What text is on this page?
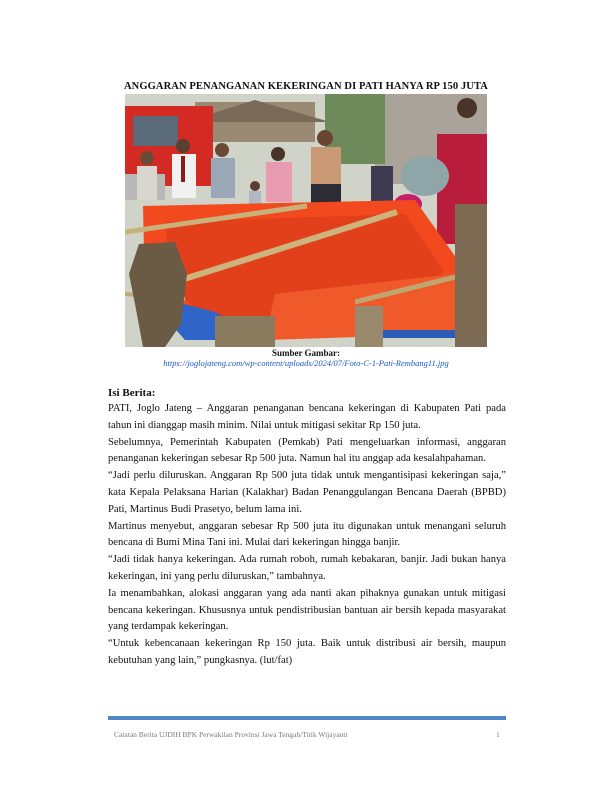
ANGGARAN PENANGANAN KEKERINGAN DI PATI HANYA RP 150 JUTA
Sumber Gambar:
https://joglojateng.com/wp-content/uploads/2024/07/Foto-C-1-Pati-Rembang11.jpg
Isi Berita:

PATI, Joglo Jateng – Anggaran penanganan bencana kekeringan di Kabupaten Pati pada tahun ini dianggap masih minim. Nilai untuk mitigasi sekitar Rp 150 juta.

Sebelumnya, Pemerintah Kabupaten (Pemkab) Pati mengeluarkan informasi, anggaran penanganan kekeringan sebesar Rp 500 juta. Namun hal itu anggap ada kesalahpahaman.

“Jadi perlu diluruskan. Anggaran Rp 500 juta tidak untuk mengantisipasi kekeringan saja,” kata Kepala Pelaksana Harian (Kalakhar) Badan Penanggulangan Bencana Daerah (BPBD) Pati, Martinus Budi Prasetyo, belum lama ini.

Martinus menyebut, anggaran sebesar Rp 500 juta itu digunakan untuk menangani seluruh bencana di Bumi Mina Tani ini. Mulai dari kekeringan hingga banjir.

“Jadi tidak hanya kekeringan. Ada rumah roboh, rumah kebakaran, banjir. Jadi bukan hanya kekeringan, ini yang perlu diluruskan,” tambahnya.

Ia menambahkan, alokasi anggaran yang ada nanti akan pihaknya gunakan untuk mitigasi bencana kekeringan. Khususnya untuk pendistribusian bantuan air bersih kepada masyarakat yang terdampak kekeringan.

“Untuk kebencanaan kekeringan Rp 150 juta. Baik untuk distribusi air bersih, maupun kebutuhan yang lain,” pungkasnya. (lut/fat)

Catatan Berita UJDIH BPK Perwakilan Provinsi Jawa Tengah/Titik Wijayanti	1
